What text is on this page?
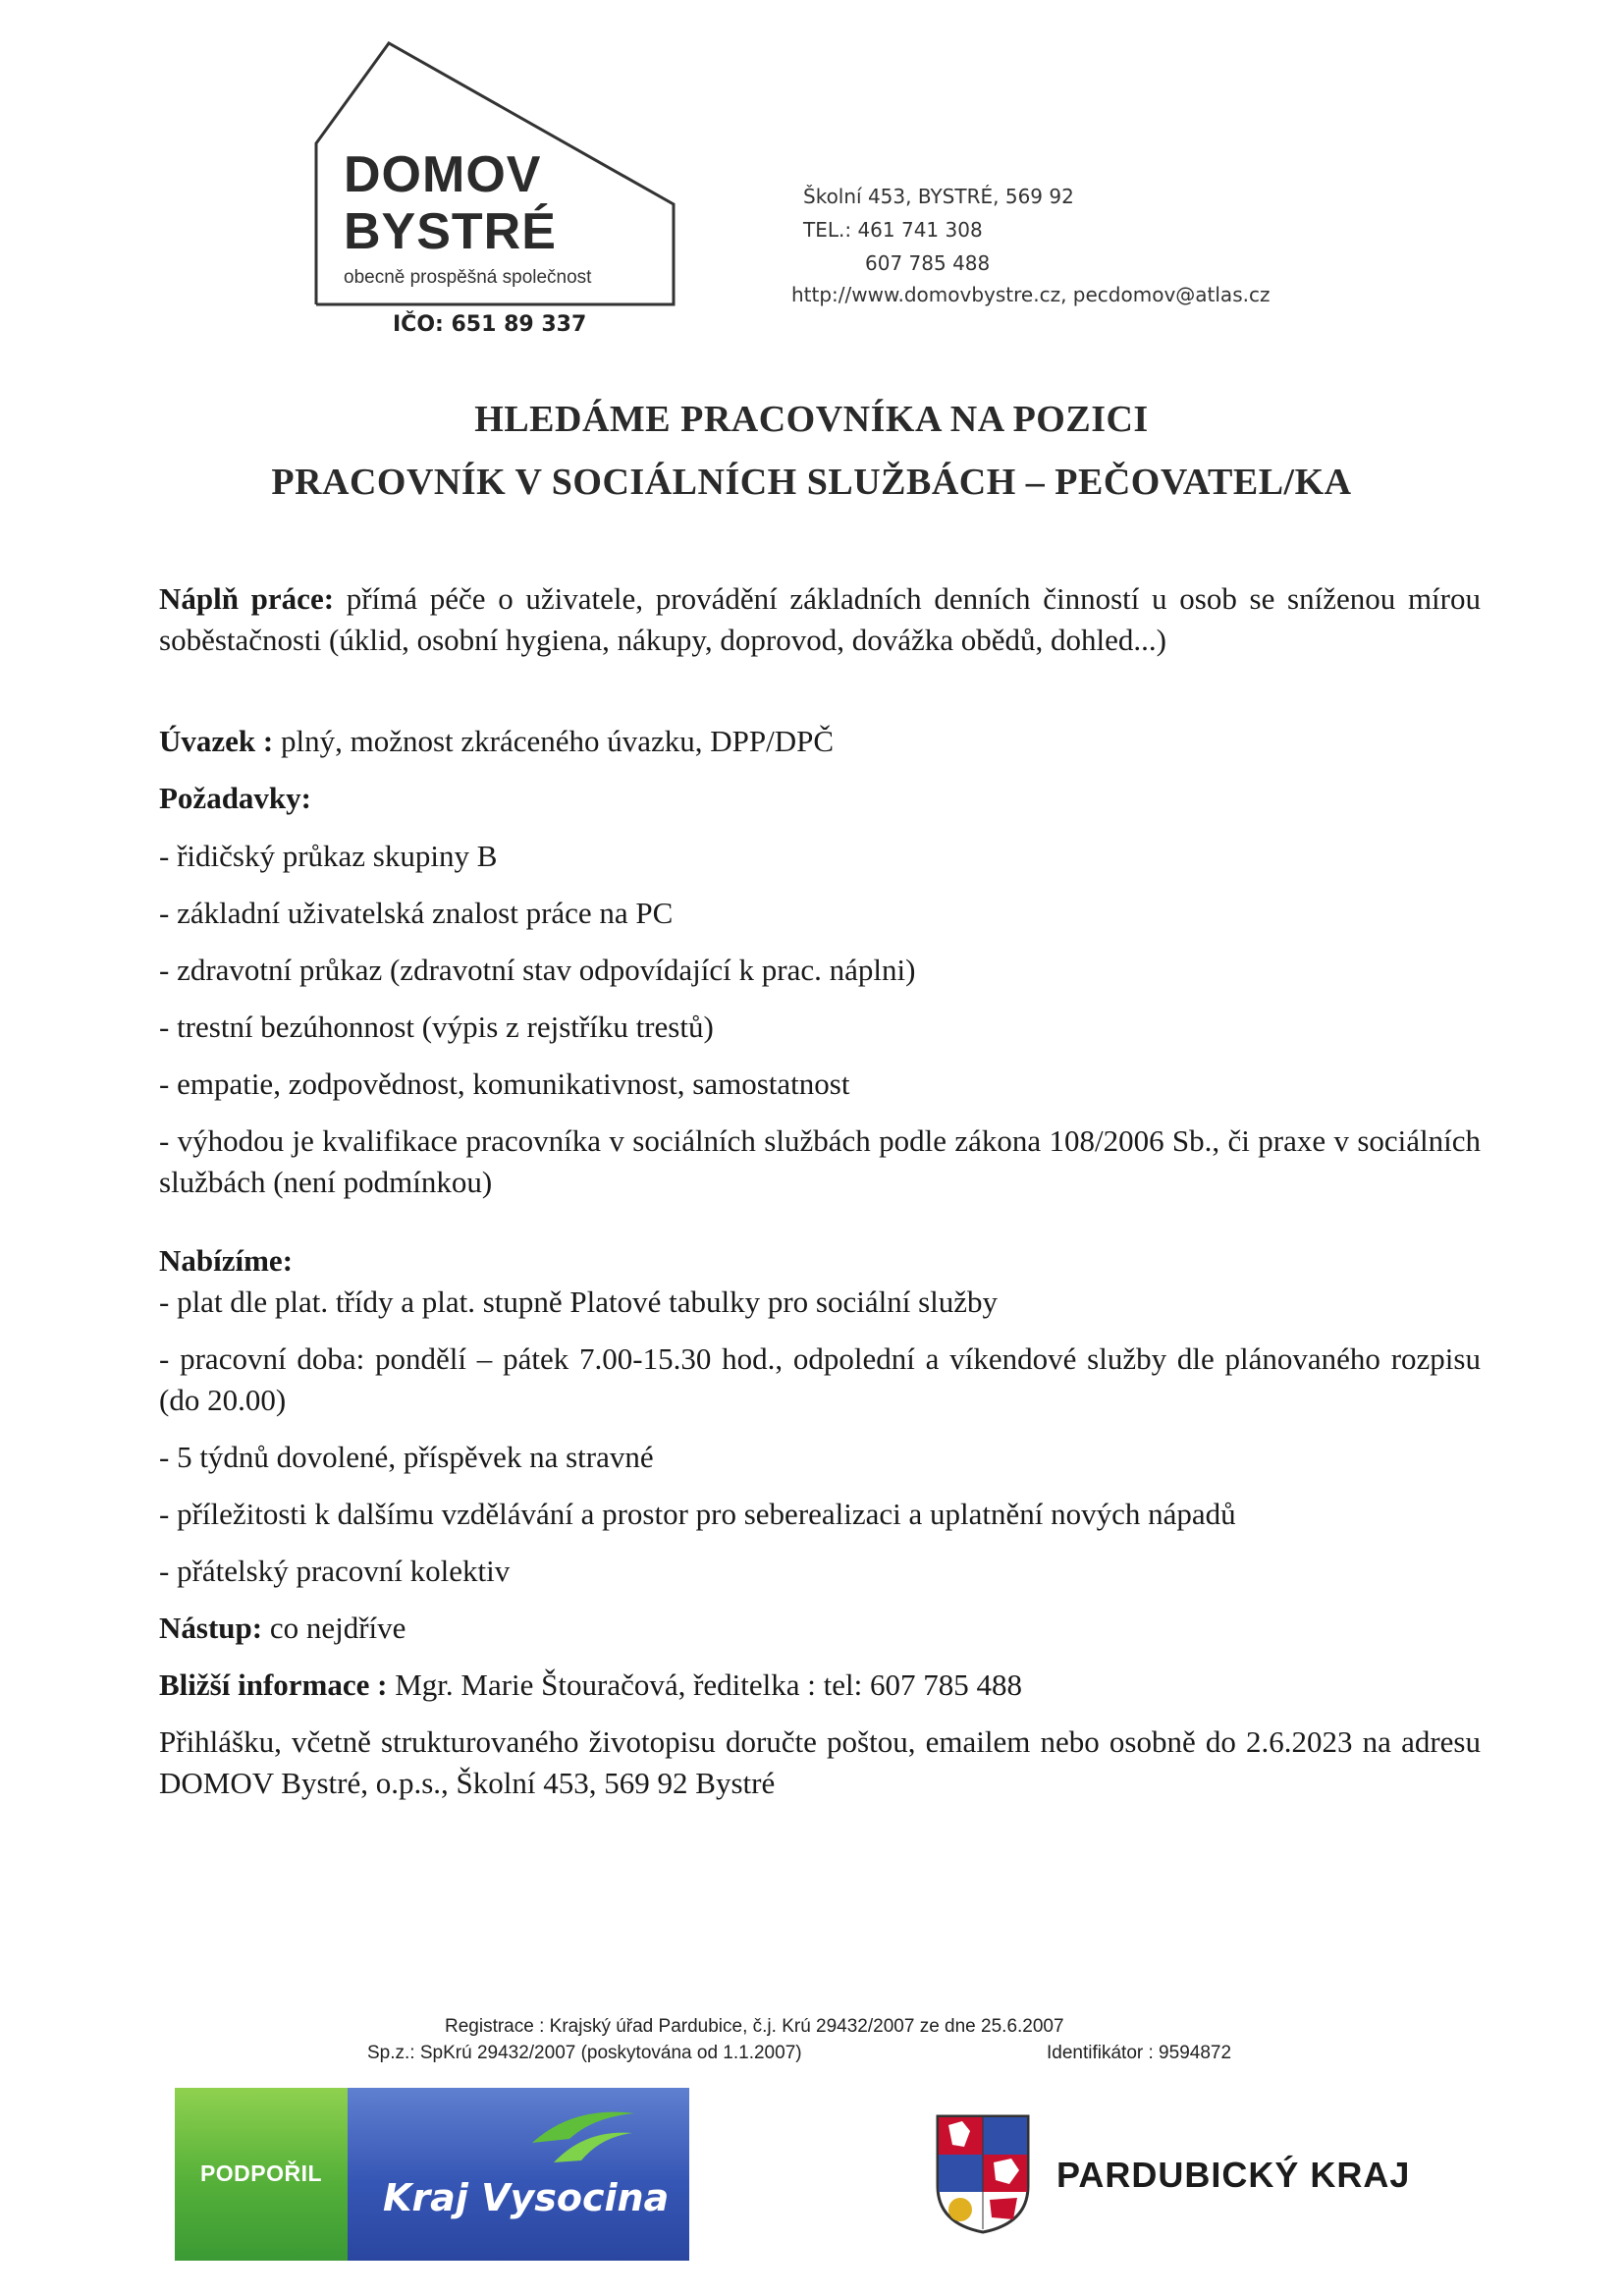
DOMOV
BYSTRÉ
obecně prospěšná společnost
IČO: 651 89 337
Školní 453, BYSTRÉ, 569 92
TEL.: 461 741 308
607 785 488
http://www.domovbystre.cz, pecdomov@atlas.cz
HLEDÁME PRACOVNÍKA NA POZICI
PRACOVNÍK V SOCIÁLNÍCH SLUŽBÁCH – PEČOVATEL/KA
Náplň práce: přímá péče o uživatele, provádění základních denních činností u osob se sníženou mírou soběstačnosti (úklid, osobní hygiena, nákupy, doprovod, dovážka obědů, dohled...)
Úvazek : plný, možnost zkráceného úvazku, DPP/DPČ
Požadavky:
- řidičský průkaz skupiny B
- základní uživatelská znalost práce na PC
- zdravotní průkaz (zdravotní stav odpovídající k prac. náplni)
- trestní bezúhonnost (výpis z rejstříku trestů)
- empatie, zodpovědnost, komunikativnost, samostatnost
- výhodou je kvalifikace pracovníka v sociálních službách podle zákona 108/2006 Sb., či praxe v sociálních službách (není podmínkou)
Nabízíme:
- plat dle plat. třídy a plat. stupně Platové tabulky pro sociální služby
- pracovní doba: pondělí – pátek 7.00-15.30 hod., odpolední a víkendové služby dle plánovaného rozpisu (do 20.00)
- 5 týdnů dovolené, příspěvek na stravné
- příležitosti k dalšímu vzdělávání a prostor pro seberealizaci a uplatnění nových nápadů
- přátelský pracovní kolektiv
Nástup: co nejdříve
Bližší informace : Mgr. Marie Štouračová, ředitelka : tel: 607 785 488
Přihlášku, včetně strukturovaného životopisu doručte poštou, emailem nebo osobně do 2.6.2023 na adresu DOMOV Bystré, o.p.s., Školní 453, 569 92 Bystré
Registrace : Krajský úřad Pardubice, č.j. Krú 29432/2007 ze dne 25.6.2007
Sp.z.: SpKrú 29432/2007 (poskytována od 1.1.2007)	Identifikátor : 9594872
Kraj Vysocina
PODPOŘIL	PARDUBICKÝ KRAJ
